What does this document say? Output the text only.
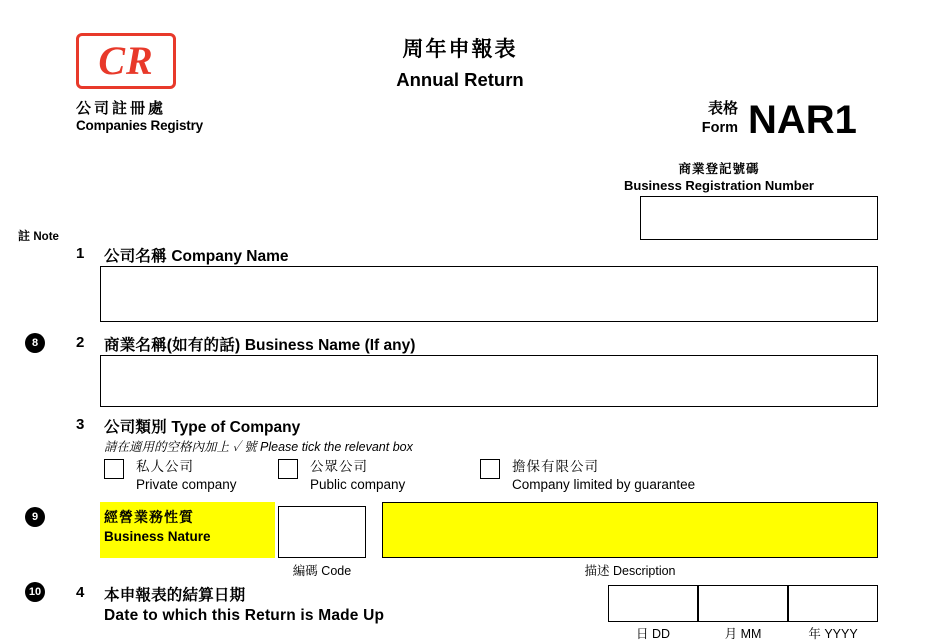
CR
公司註冊處
Companies Registry
周年申報表
Annual Return
表格
Form NAR1
商業登記號碼
Business Registration Number
註 Note
8
9
10
1 公司名稱 Company Name
2 商業名稱(如有的話) Business Name (If any)
3 公司類別 Type of Company
請在適用的空格內加上 ✓ 號 Please tick the relevant box
私人公司
Private company
公眾公司
Public company
擔保有限公司
Company limited by guarantee
經營業務性質
Business Nature
編碼 Code	描述 Description
4 本申報表的結算日期
Date to which this Return is Made Up
日 DD	月 MM	年 YYYY
